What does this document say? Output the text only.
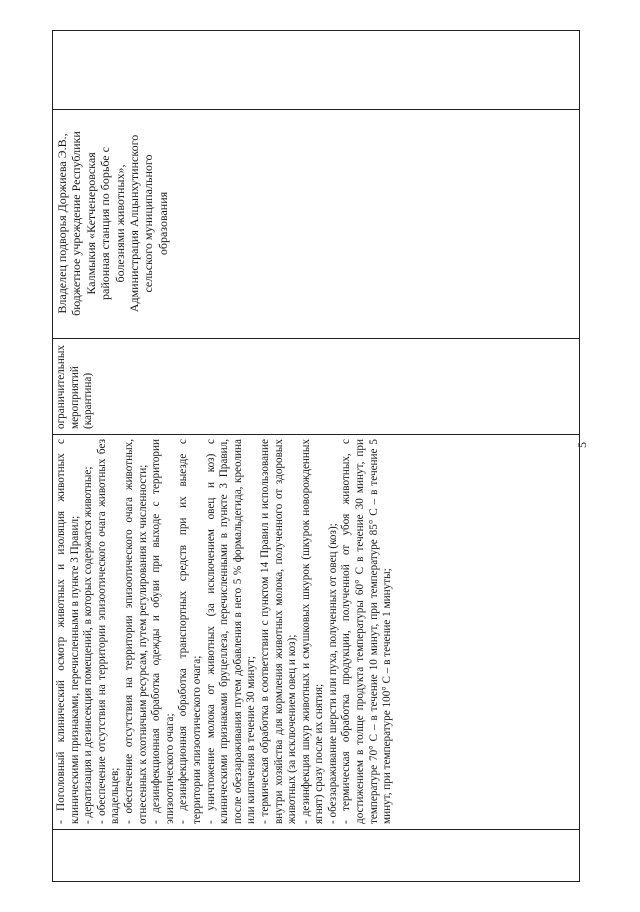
- Поголовный клинический осмотр животных и изоляция животных с клиническими признаками, перечисленными в пункте 3 Правил; - дератизация и дезинсекция помещений, в которых содержатся животные; - обеспечение отсутствия на территории эпизоотического очага животных без владельцев; - обеспечение отсутствия на территории эпизоотического очага животных, отнесенных к охотничьим ресурсам, путем регулирования их численности; - дезинфекционная обработка одежды и обуви при выходе с территории эпизоотического очага; - дезинфекционная обработка транспортных средств при их выезде с территории эпизоотического очага; - уничтожение молока от животных (за исключением овец и коз) с клиническими признаками бруцеллеза, перечисленными в пункте 3 Правил, после обеззараживания путем добавления в него 5 % формальдегида, креолина или кипячения в течение 30 минут; - термическая обработка в соответствии с пунктом 14 Правил и использование внутри хозяйства для кормления животных молока, полученного от здоровых животных (за исключением овец и коз); - дезинфекция шкур животных и смушковых шкурок (шкурок новорожденных ягнят) сразу после их снятия; - обеззараживание шерсти или пуха, полученных от овец (коз); - термическая обработка продукции, полученной от убоя животных, с достижением в толще продукта температуры 60° С в течение 30 минут, при температуре 70° С – в течение 10 минут, при температуре 85° С – в течение 5 минут, при температуре 100° С – в течение 1 минуты;
ограничительных мероприятий (карантина)
Владелец подворья Доржиева Э.В., бюджетное учреждение Республики Калмыкия «Кетченеровская районная станция по борьбе с болезнями животных», Администрация Алцынхутинского сельского муниципального образования
5
